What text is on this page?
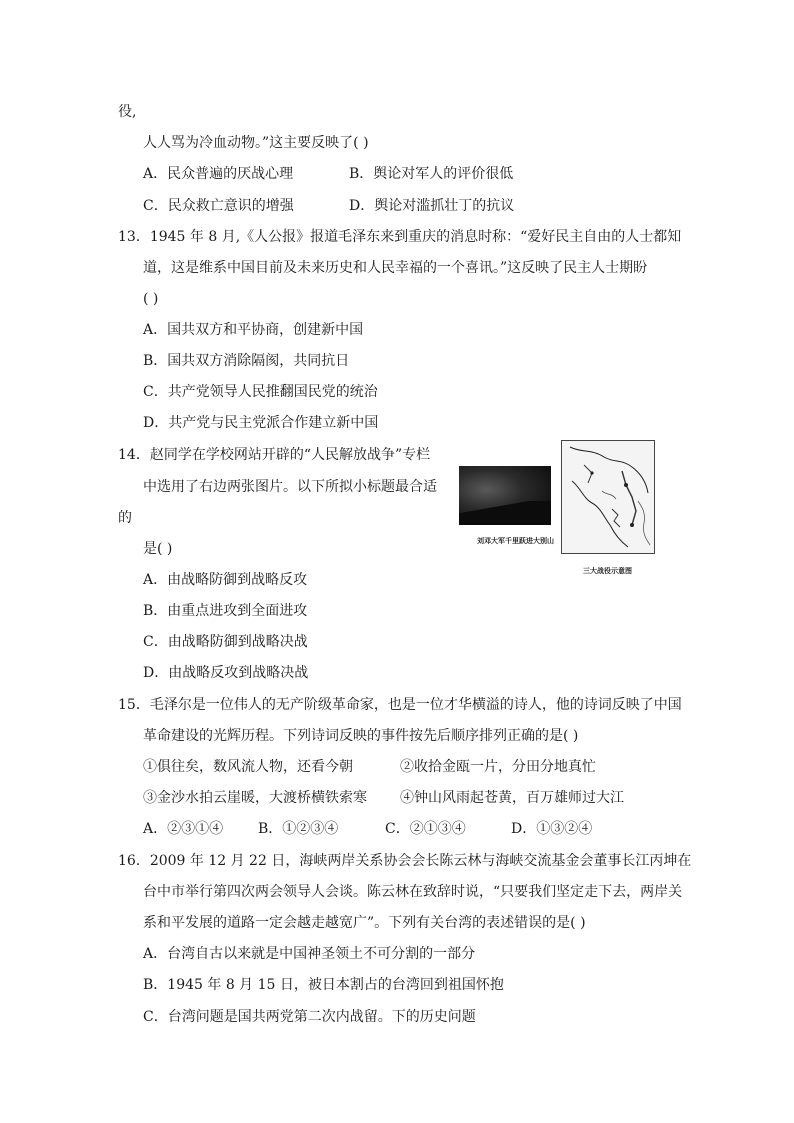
役,
人人骂为冷血动物。”这主要反映了( )
A．民众普遍的厌战心理	B．舆论对军人的评价很低
C．民众救亡意识的增强	D．舆论对滥抓壮丁的抗议
13．1945 年 8 月,《人公报》报道毛泽东来到重庆的消息时称：“爱好民主自由的人士都知
道，这是维系中国目前及未来历史和人民幸福的一个喜讯。”这反映了民主人士期盼
( )
A．国共双方和平协商，创建新中国
B．国共双方消除隔阂，共同抗日
C．共产党领导人民推翻国民党的统治
D．共产党与民主党派合作建立新中国
14．赵同学在学校网站开辟的“人民解放战争”专栏
中选用了右边两张图片。以下所拟小标题最合适
的
是( )	刘邓大军千里跃进大别山
三大战役示意图
A．由战略防御到战略反攻
B．由重点进攻到全面进攻
C．由战略防御到战略决战
D．由战略反攻到战略决战
15．毛泽尔是一位伟人的无产阶级革命家，也是一位才华横溢的诗人，他的诗词反映了中国
革命建设的光辉历程。下列诗词反映的事件按先后顺序排列正确的是( )
①俱往矣，数风流人物，还看今朝	②收拾金瓯一片，分田分地真忙
③金沙水拍云崖暖，大渡桥横铁索寒 ④钟山风雨起苍黄，百万雄师过大江
A．②③①④ B．①②③④	C．②①③④	D．①③②④
16．2009 年 12 月 22 日，海峡两岸关系协会会长陈云林与海峡交流基金会董事长江丙坤在
台中市举行第四次两会领导人会谈。陈云林在致辞时说，“只要我们坚定走下去，两岸关
系和平发展的道路一定会越走越宽广”。下列有关台湾的表述错误的是( )
A．台湾自古以来就是中国神圣领土不可分割的一部分
B．1945 年 8 月 15 日，被日本割占的台湾回到祖国怀抱
C．台湾问题是国共两党第二次内战留。下的历史问题
